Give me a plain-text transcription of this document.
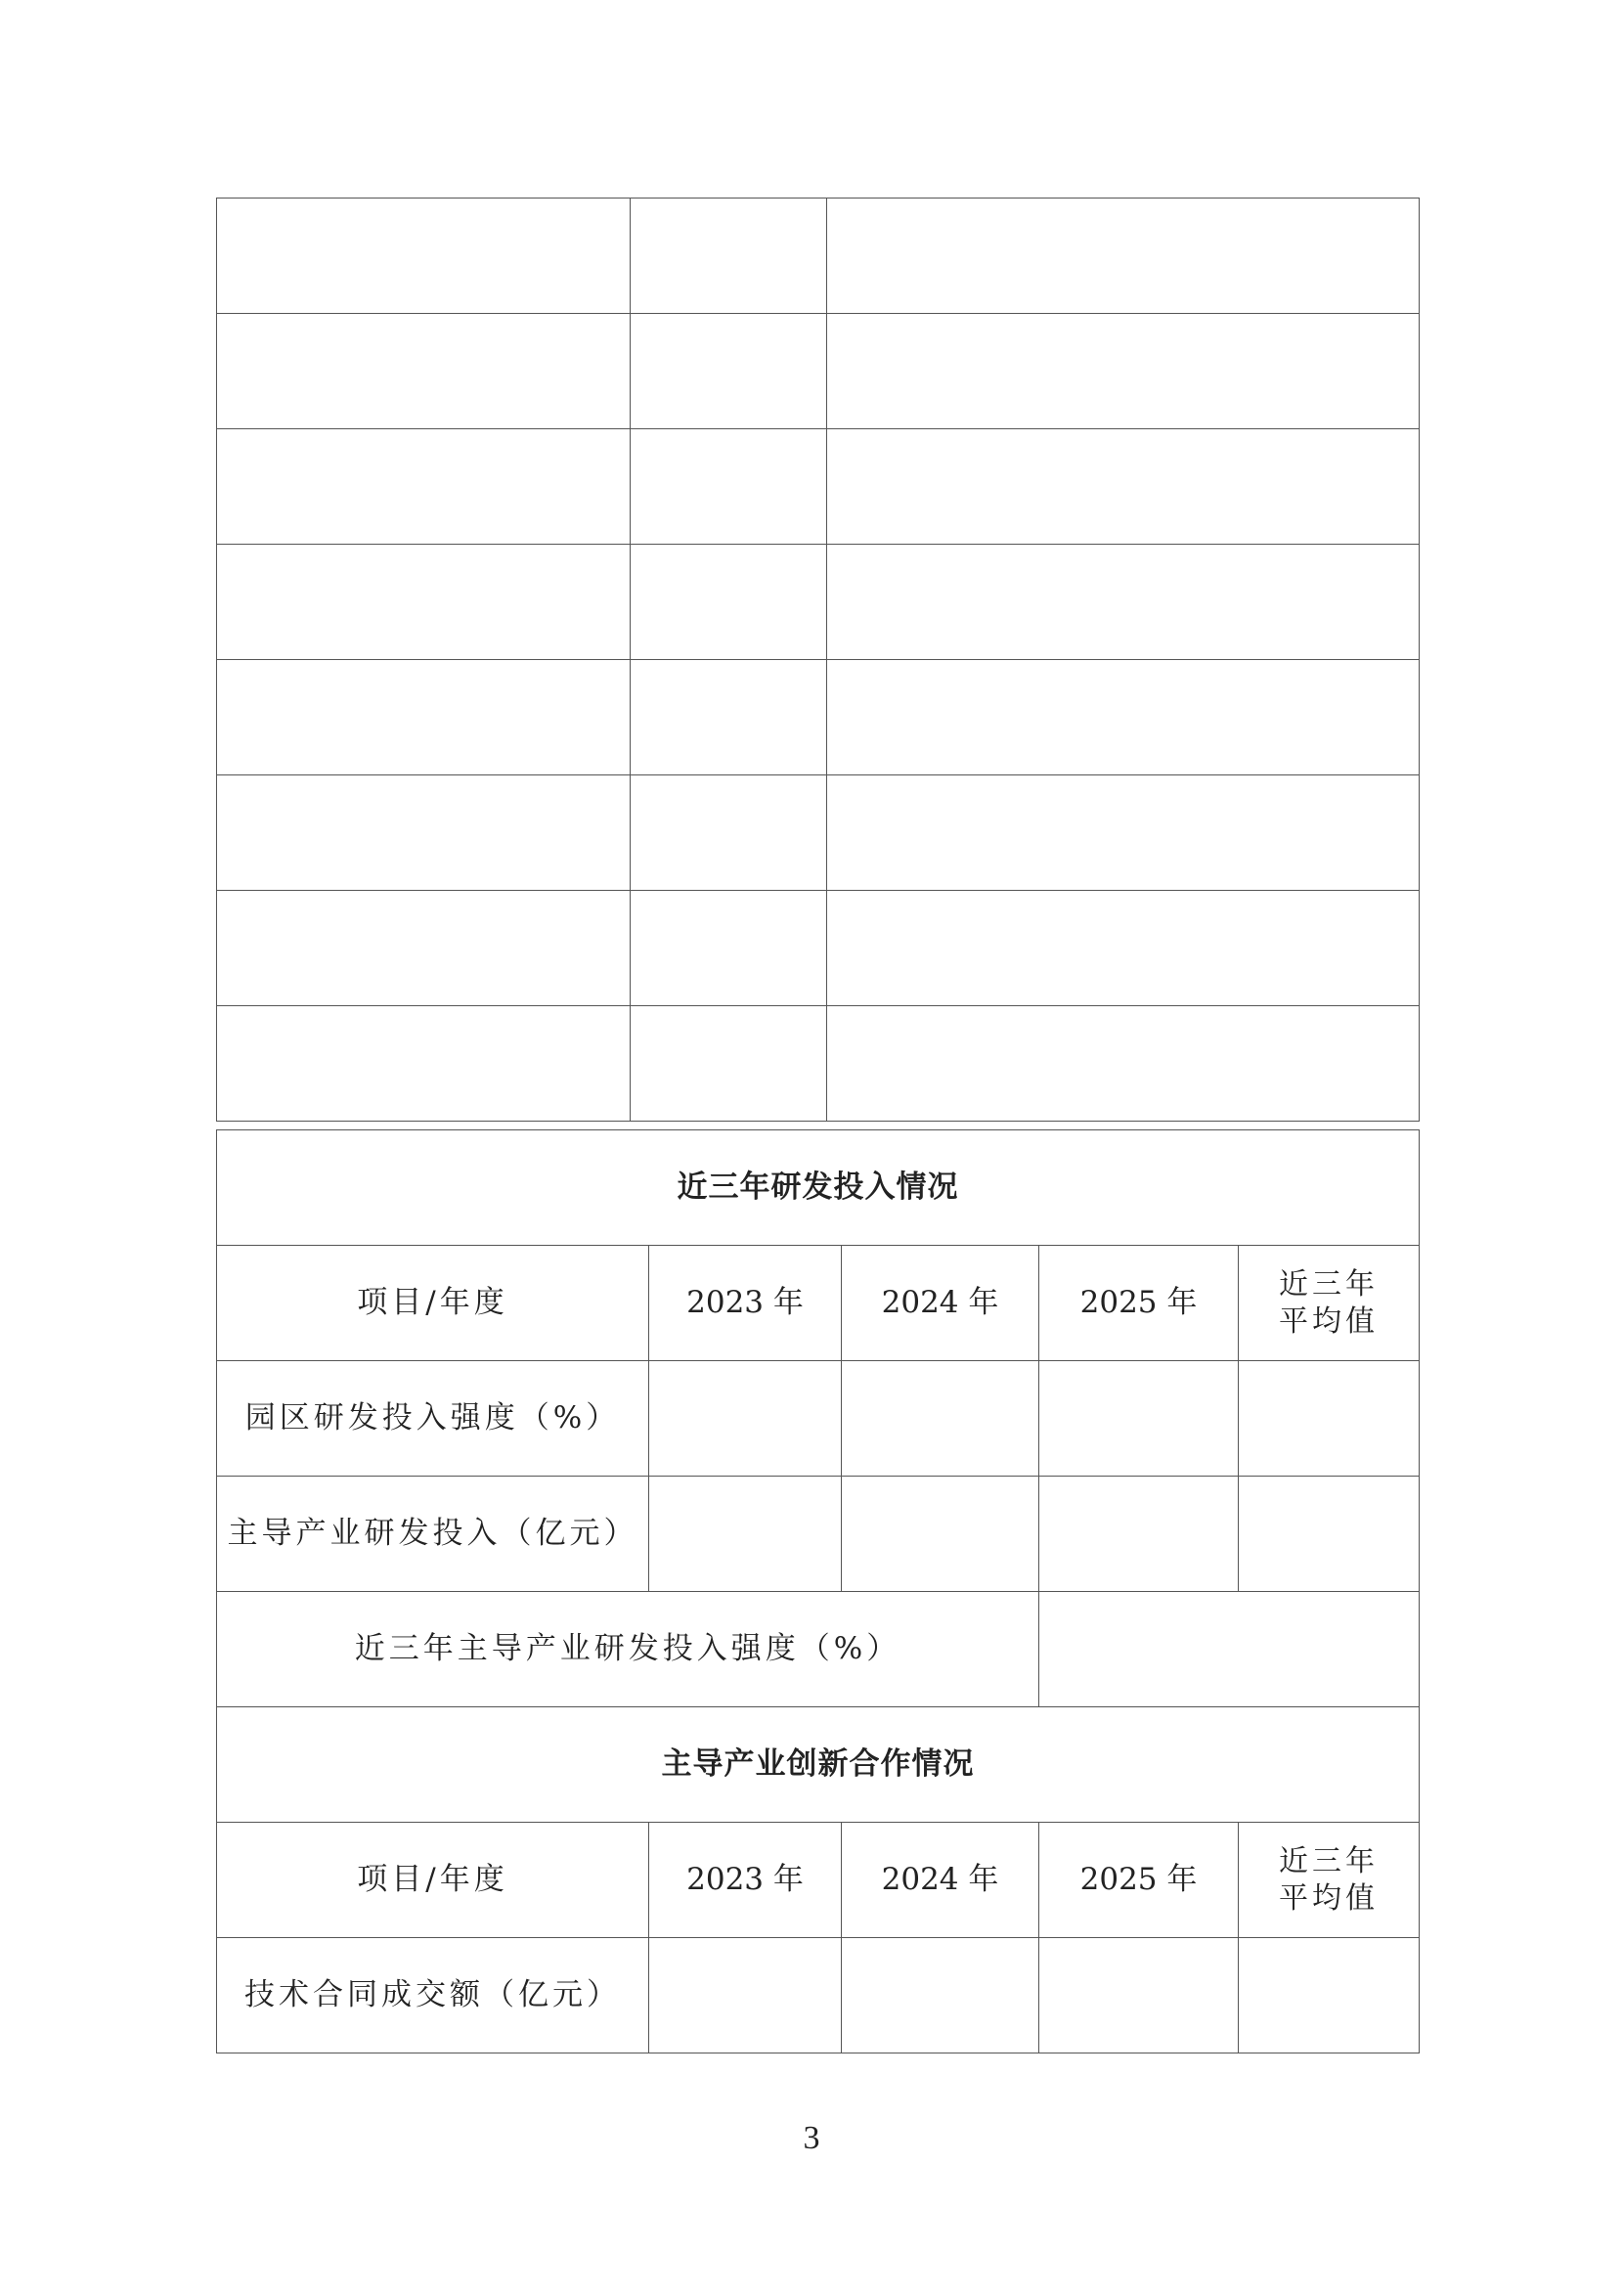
近三年研发投入情况				
项目/年度	2023 年	2024 年	2025 年	近三年
平均值
园区研发投入强度（%）				
主导产业研发投入（亿元）				
近三年主导产业研发投入强度（%）				
主导产业创新合作情况				
项目/年度	2023 年	2024 年	2025 年	近三年
平均值
技术合同成交额（亿元）				
3
